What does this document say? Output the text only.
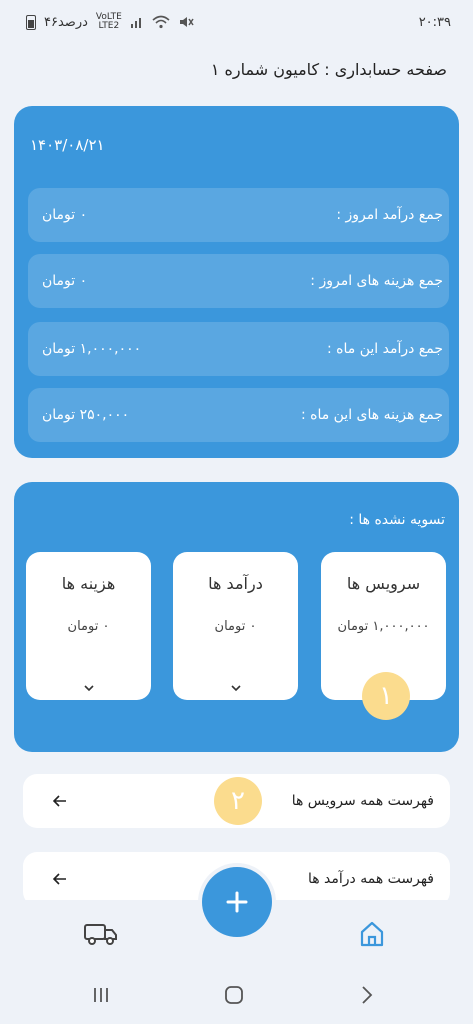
۴۶درصد VoLTE
LTE2	۲۰:۳۹
صفحه حسابداری : کامیون شماره ۱
۱۴۰۳/۰۸/۲۱
۰ تومان	جمع درآمد امروز :
۰ تومان	جمع هزینه های امروز :
۱,۰۰۰,۰۰۰ تومان	جمع درآمد این ماه :
۲۵۰,۰۰۰ تومان	جمع هزینه های این ماه :
تسویه نشده ها :
سرویس ها
۱,۰۰۰,۰۰۰ تومان
درآمد ها
۰ تومان
هزینه ها
۰ تومان
۱
فهرست همه سرویس ها
۲
فهرست همه درآمد ها
